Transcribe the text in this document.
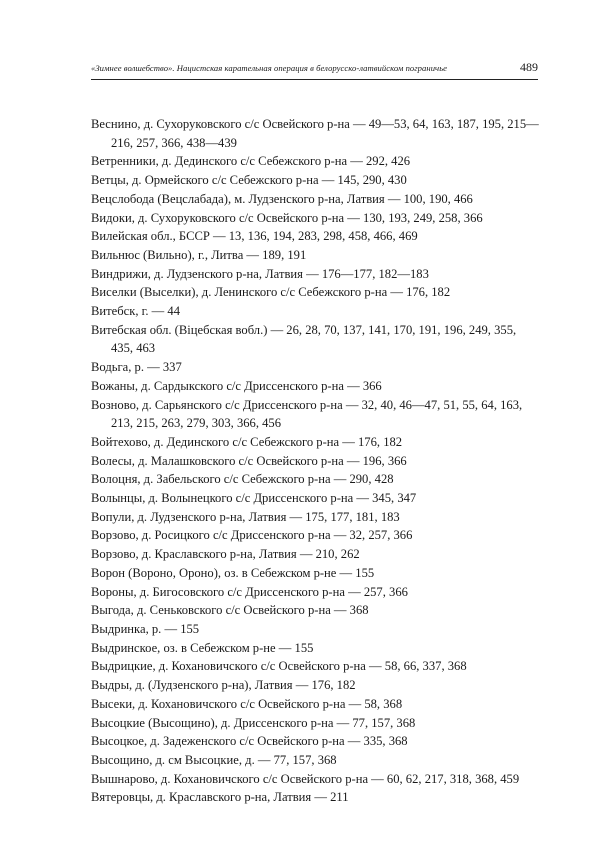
«Зимнее волшебство». Нацистская карательная операция в белорусско-латвийском пограничье	489
Веснино, д. Сухоруковского с/с Освейского р-на — 49—53, 64, 163, 187, 195, 215—216, 257, 366, 438—439
Ветренники, д. Дединского с/с Себежского р-на — 292, 426
Ветцы, д. Ормейского с/с Себежского р-на — 145, 290, 430
Вецслобода (Вецслабада), м. Лудзенского р-на, Латвия — 100, 190, 466
Видоки, д. Сухоруковского с/с Освейского р-на — 130, 193, 249, 258, 366
Вилейская обл., БССР — 13, 136, 194, 283, 298, 458, 466, 469
Вильнюс (Вильно), г., Литва — 189, 191
Виндрижи, д. Лудзенского р-на, Латвия — 176—177, 182—183
Виселки (Выселки), д. Ленинского с/с Себежского р-на — 176, 182
Витебск, г. — 44
Витебская обл. (Віцебская вобл.) — 26, 28, 70, 137, 141, 170, 191, 196, 249, 355, 435, 463
Водьга, р. — 337
Вожаны, д. Сардыкского с/с Дриссенского р-на — 366
Возново, д. Сарьянского с/с Дриссенского р-на — 32, 40, 46—47, 51, 55, 64, 163, 213, 215, 263, 279, 303, 366, 456
Войтехово, д. Дединского с/с Себежского р-на — 176, 182
Волесы, д. Малашковского с/с Освейского р-на — 196, 366
Волоцня, д. Забельского с/с Себежского р-на — 290, 428
Волынцы, д. Волынецкого с/с Дриссенского р-на — 345, 347
Вопули, д. Лудзенского р-на, Латвия — 175, 177, 181, 183
Ворзово, д. Росицкого с/с Дриссенского р-на — 32, 257, 366
Ворзово, д. Краславского р-на, Латвия — 210, 262
Ворон (Вороно, Ороно), оз. в Себежском р-не — 155
Вороны, д. Бигосовского с/с Дриссенского р-на — 257, 366
Выгода, д. Сеньковского с/с Освейского р-на — 368
Выдринка, р. — 155
Выдринское, оз. в Себежском р-не — 155
Выдрицкие, д. Кохановичского с/с Освейского р-на — 58, 66, 337, 368
Выдры, д. (Лудзенского р-на), Латвия — 176, 182
Высеки, д. Кохановичского с/с Освейского р-на — 58, 368
Высоцкие (Высощино), д. Дриссенского р-на — 77, 157, 368
Высоцкое, д. Задеженского с/с Освейского р-на — 335, 368
Высощино, д. см Высоцкие, д. — 77, 157, 368
Вышнарово, д. Кохановичского с/с Освейского р-на — 60, 62, 217, 318, 368, 459
Вятеровцы, д. Краславского р-на, Латвия — 211
